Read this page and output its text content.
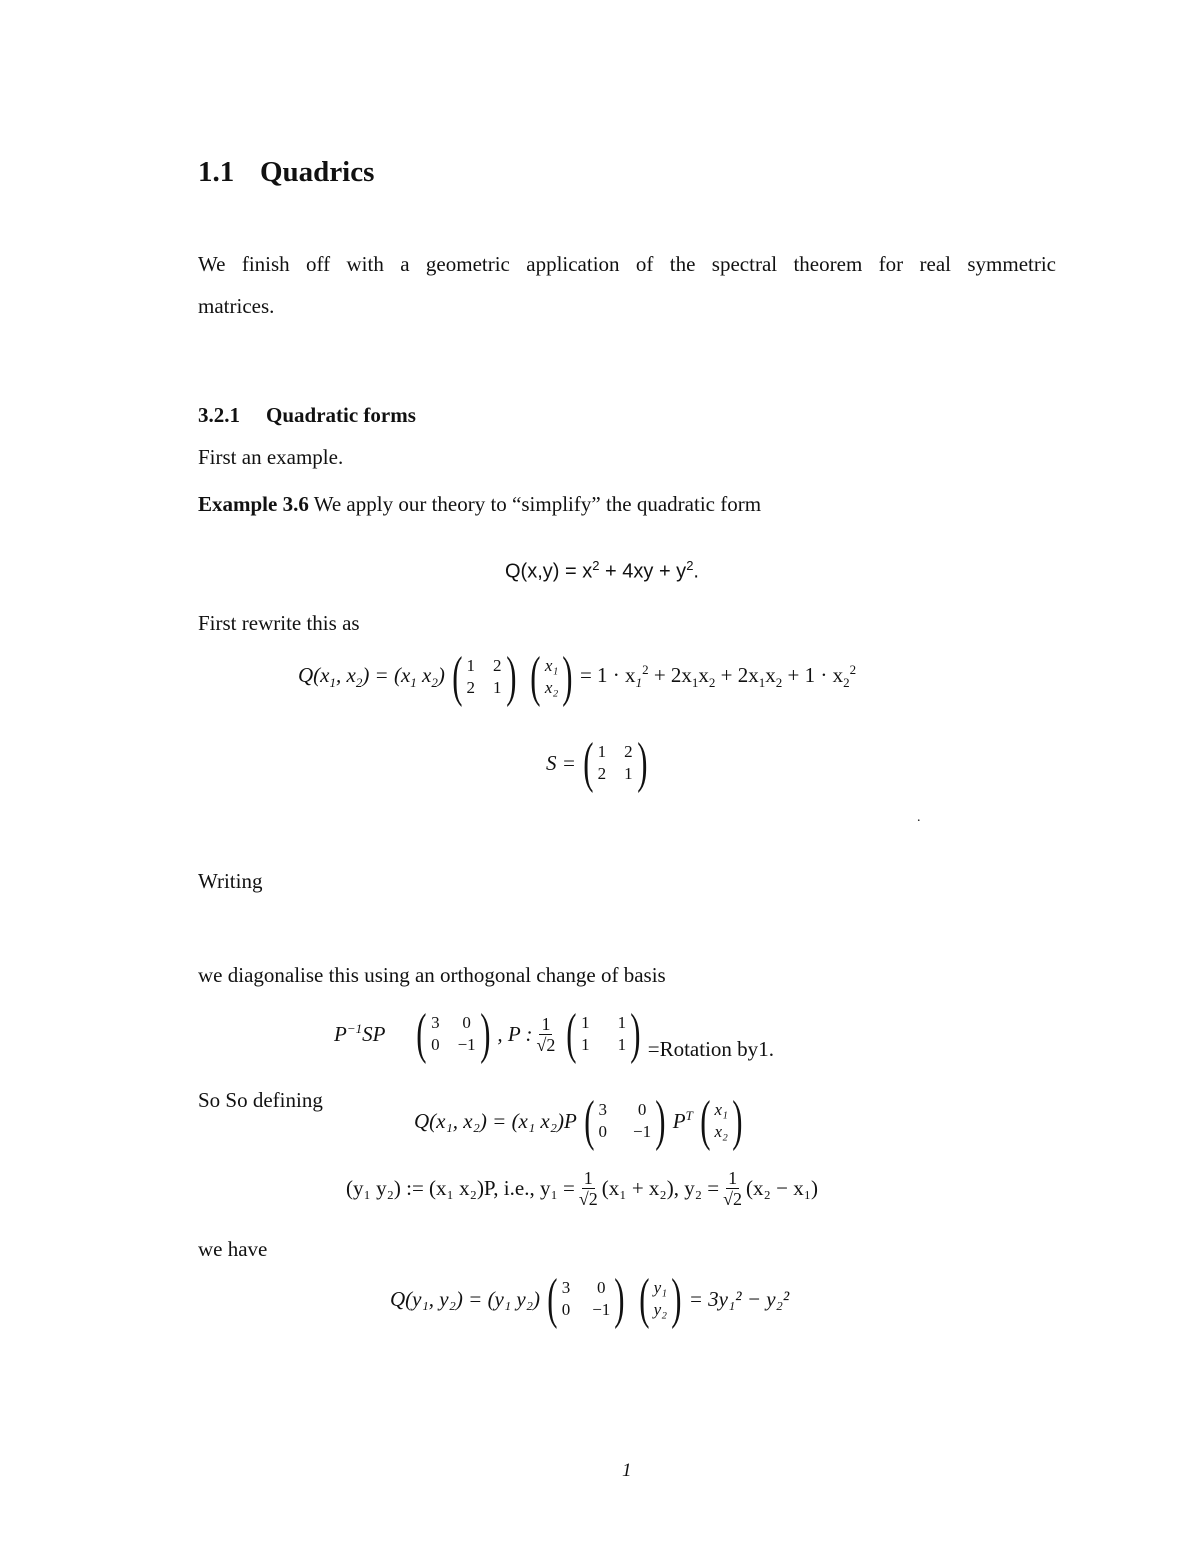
1.1 Quadrics
We finish off with a geometric application of the spectral theorem for real symmetric
matrices.
3.2.1 Quadratic forms
First an example.
Example 3.6 We apply our theory to “simplify” the quadratic form
$Q(x,y) = x^2 + 4xy + y^2$.
First rewrite this as
$Q(x_1$, $x_2) = (x_1$ $x_2$) ( 1 2
2 1 ) ( x₁
x₂ ) = $1 \cdot x_1^2 + 2x_1x_2 + 2x_1x_2 + 1 \cdot x_2^2$
S = ( 1 2
2 1 )
.
Writing
we diagonalise this using an orthogonal change of basis
$P^{-1}SP$ ( 3 0
0 −1 ) , P : $\frac{1}{√2}$ ( 1 1
1 1 ) =Rotation by1.
So So defining
Q(x₁, x₂) = (x₁ x₂)P ( 3 0
0 −1 ) $P^T$ ( x₁
x₂ )
(y₁ y₂) := (x₁ x₂)P, i.e., $y_1 = \frac{1}{√2} (x_1 + x_2)$, $y_2 = \frac{1}{√2} (x_2 - x_1)$
we have
Q(y₁, y₂) = (y₁ y₂) ( 3 0
0 −1 ) ( y₁
y₂ ) = 3y₁² − y₂²
1
